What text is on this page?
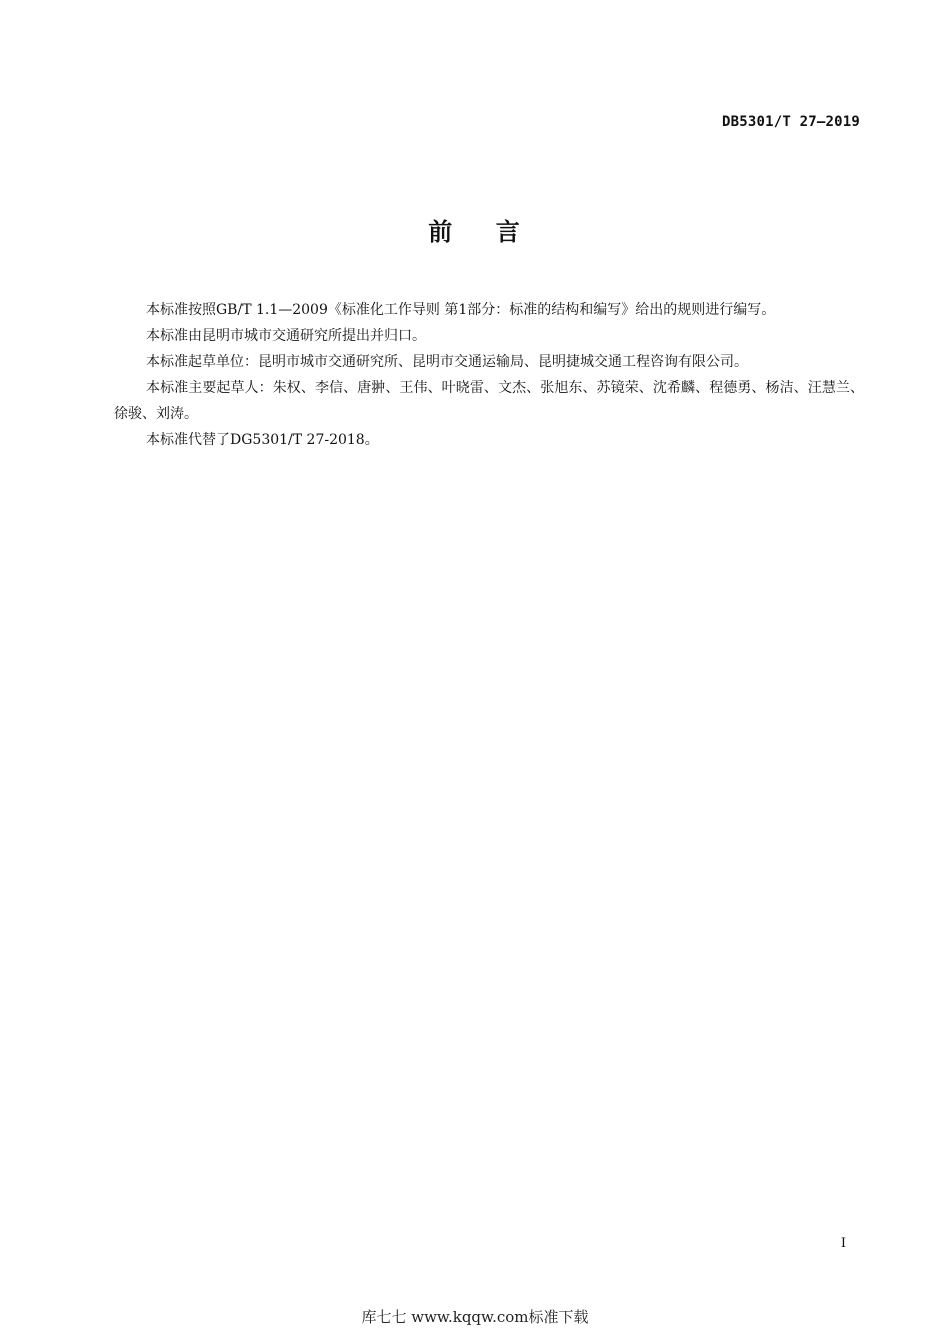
DB5301/T 27—2019
前    言

本标准按照GB/T 1.1—2009《标准化工作导则 第1部分：标准的结构和编写》给出的规则进行编写。

本标准由昆明市城市交通研究所提出并归口。

本标准起草单位：昆明市城市交通研究所、昆明市交通运输局、昆明捷城交通工程咨询有限公司。

本标准主要起草人：朱权、李信、唐翀、王伟、叶晓雷、文杰、张旭东、苏镜荣、沈希麟、程德勇、杨洁、汪慧兰、徐骏、刘涛。

本标准代替了DG5301/T 27-2018。

I
库七七 www.kqqw.com标准下载
